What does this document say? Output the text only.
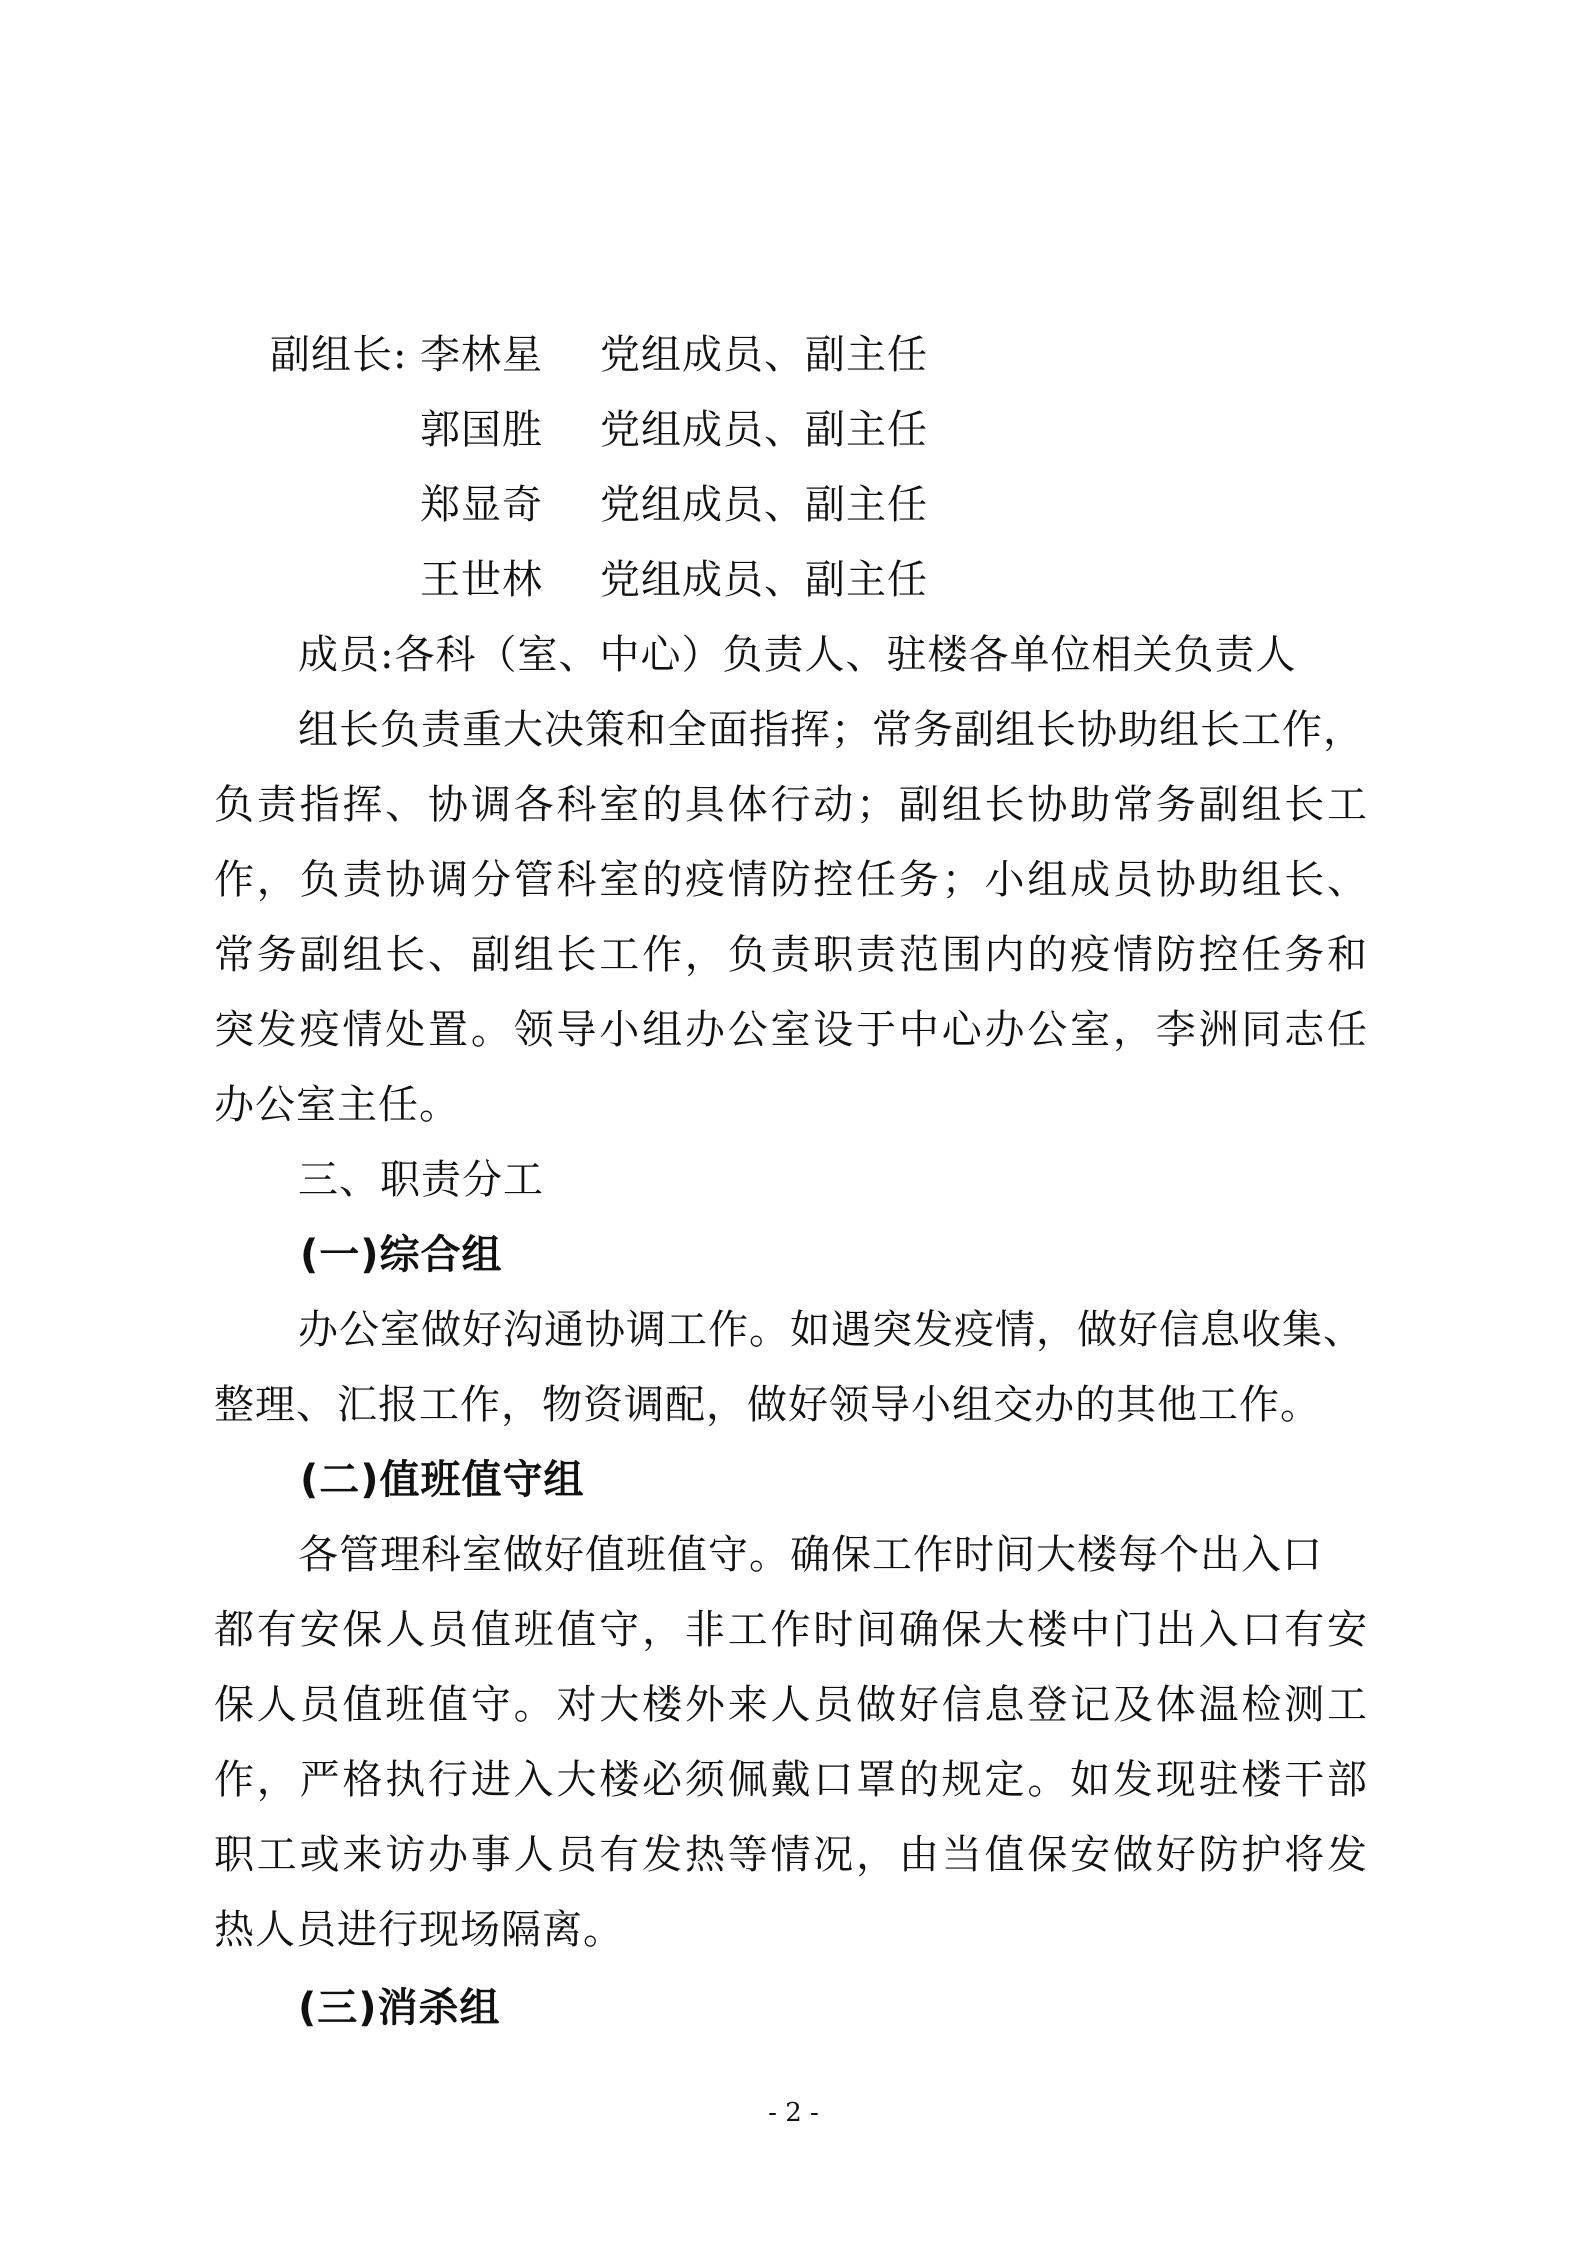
副组长: 李林星 党组成员、副主任
郭国胜 党组成员、副主任
郑显奇 党组成员、副主任
王世林 党组成员、副主任
成员:各科（室、中心）负责人、驻楼各单位相关负责人
组长负责重大决策和全面指挥；常务副组长协助组长工作，
负责指挥、协调各科室的具体行动；副组长协助常务副组长工
作，负责协调分管科室的疫情防控任务；小组成员协助组长、
常务副组长、副组长工作，负责职责范围内的疫情防控任务和
突发疫情处置。领导小组办公室设于中心办公室，李洲同志任
办公室主任。
三、职责分工
(一)综合组
办公室做好沟通协调工作。如遇突发疫情，做好信息收集、
整理、汇报工作，物资调配，做好领导小组交办的其他工作。
(二)值班值守组
各管理科室做好值班值守。确保工作时间大楼每个出入口
都有安保人员值班值守，非工作时间确保大楼中门出入口有安
保人员值班值守。对大楼外来人员做好信息登记及体温检测工
作，严格执行进入大楼必须佩戴口罩的规定。如发现驻楼干部
职工或来访办事人员有发热等情况，由当值保安做好防护将发
热人员进行现场隔离。
(三)消杀组
- 2 -
